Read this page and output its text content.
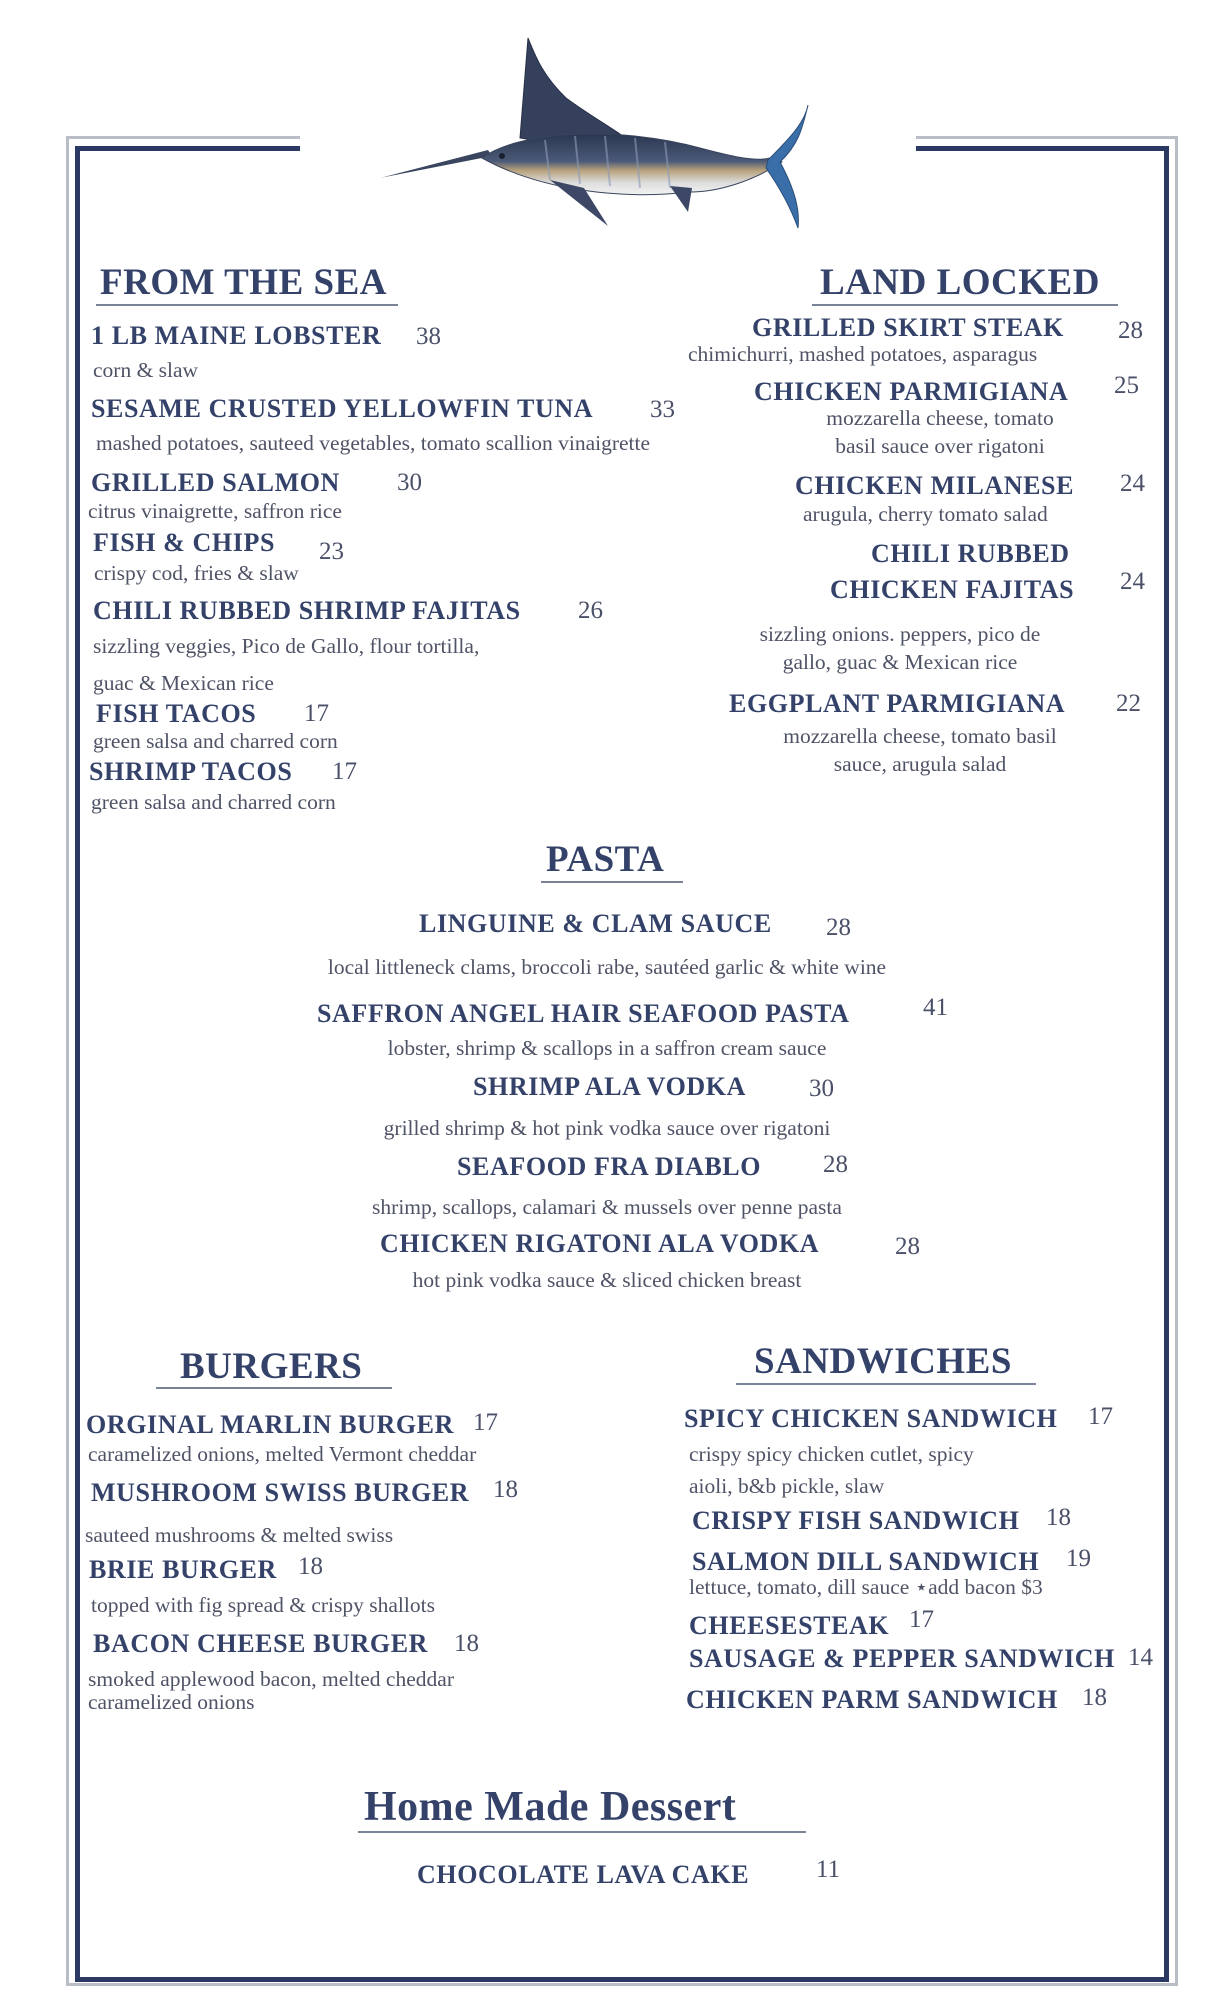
FROM THE SEA
1 LB MAINE LOBSTER 38
corn & slaw
SESAME CRUSTED YELLOWFIN TUNA 33
mashed potatoes, sauteed vegetables, tomato scallion vinaigrette
GRILLED SALMON 30
citrus vinaigrette, saffron rice
FISH & CHIPS 23
crispy cod, fries & slaw
CHILI RUBBED SHRIMP FAJITAS 26
sizzling veggies, Pico de Gallo, flour tortilla,
guac & Mexican rice
FISH TACOS 17
green salsa and charred corn
SHRIMP TACOS 17
green salsa and charred corn
LAND LOCKED
GRILLED SKIRT STEAK 28
chimichurri, mashed potatoes, asparagus
CHICKEN PARMIGIANA 25
mozzarella cheese, tomato
basil sauce over rigatoni
CHICKEN MILANESE 24
arugula, cherry tomato salad
CHILI RUBBED
CHICKEN FAJITAS 24
sizzling onions. peppers, pico de
gallo, guac & Mexican rice
EGGPLANT PARMIGIANA 22
mozzarella cheese, tomato basil
sauce, arugula salad
PASTA
LINGUINE & CLAM SAUCE 28
local littleneck clams, broccoli rabe, sautéed garlic & white wine
SAFFRON ANGEL HAIR SEAFOOD PASTA	41
lobster, shrimp & scallops in a saffron cream sauce
SHRIMP ALA VODKA	30
grilled shrimp & hot pink vodka sauce over rigatoni
SEAFOOD FRA DIABLO 28
shrimp, scallops, calamari & mussels over penne pasta
CHICKEN RIGATONI ALA VODKA	28
hot pink vodka sauce & sliced chicken breast
BURGERS
ORGINAL MARLIN BURGER 17
caramelized onions, melted Vermont cheddar
MUSHROOM SWISS BURGER 18
sauteed mushrooms & melted swiss
BRIE BURGER 18
topped with fig spread & crispy shallots
BACON CHEESE BURGER 18
smoked applewood bacon, melted cheddar
caramelized onions
SANDWICHES
SPICY CHICKEN SANDWICH 17
crispy spicy chicken cutlet, spicy
aioli, b&b pickle, slaw
CRISPY FISH SANDWICH 18
SALMON DILL SANDWICH 19
lettuce, tomato, dill sauce ⋆add bacon $3
CHEESESTEAK 17
SAUSAGE & PEPPER SANDWICH 14
CHICKEN PARM SANDWICH 18
Home Made Dessert
CHOCOLATE LAVA CAKE	11
